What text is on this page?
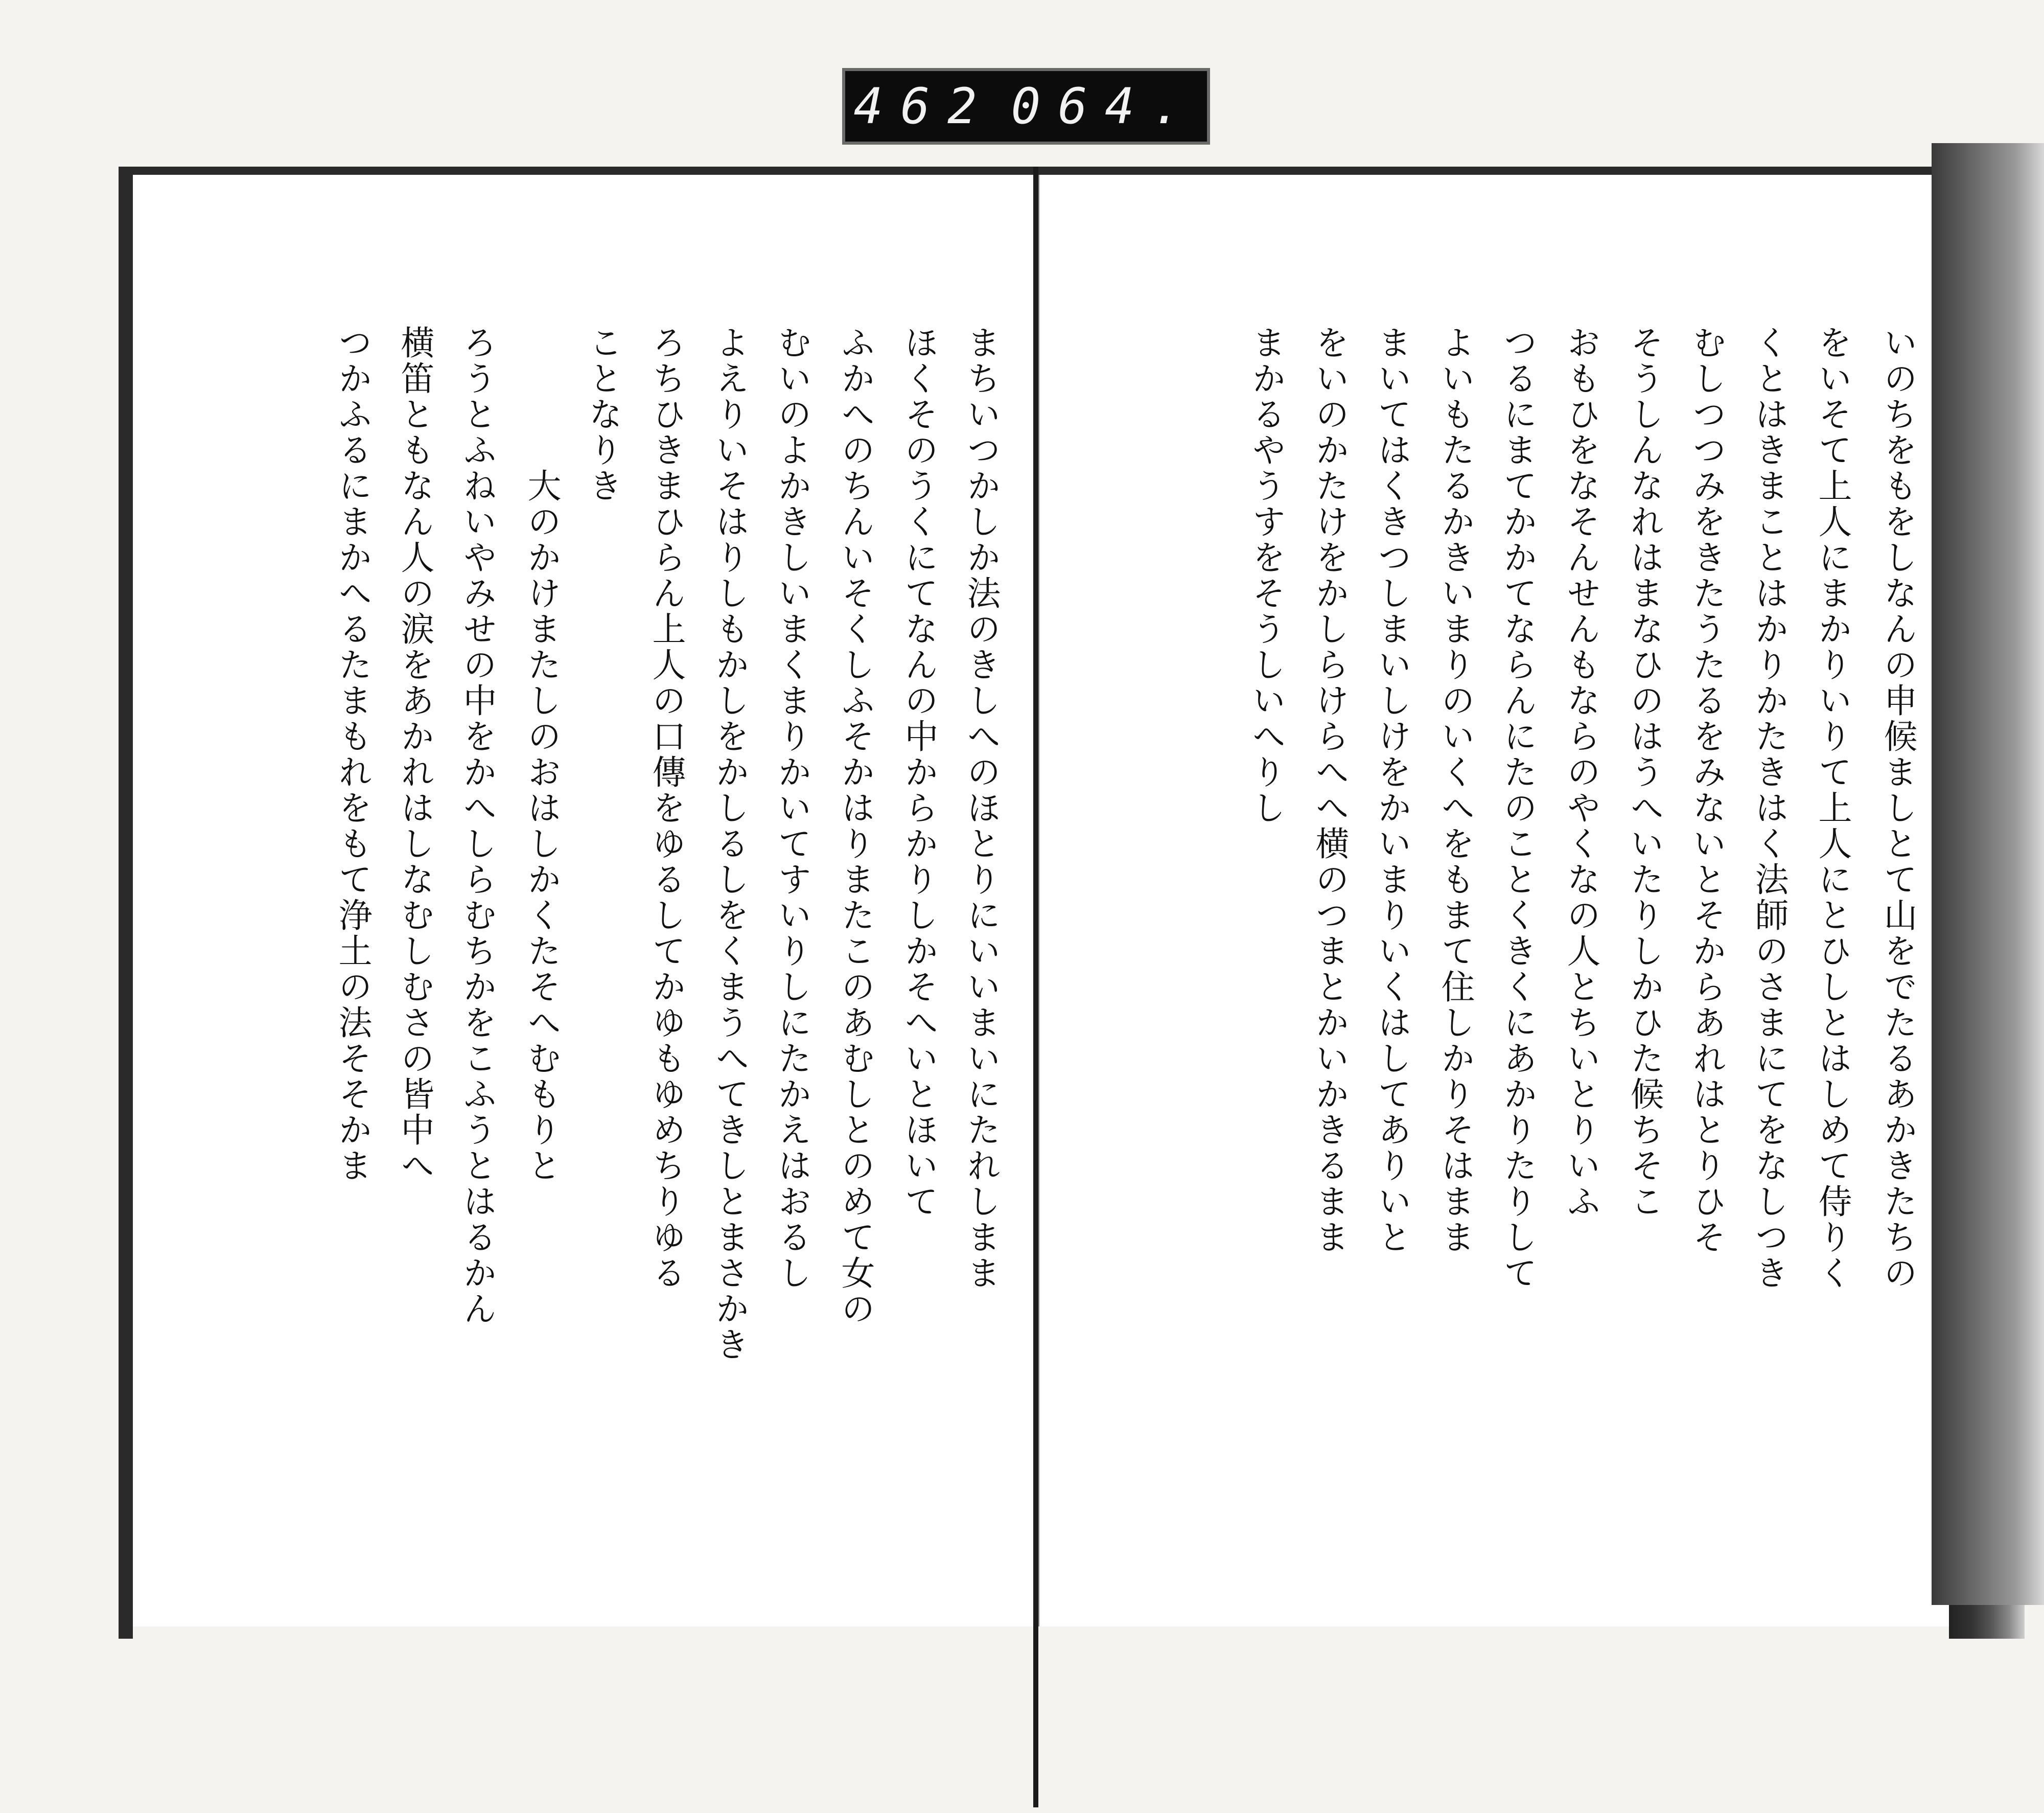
462 064.
いのちをもをしなんの申候ましとて山をでたるあかきたちの
をいそて上人にまかりいりて上人にとひしとはしめて侍りく
くとはきまことはかりかたきはく法師のさまにてをなしつき
むしつつみをきたうたるをみないとそからあれはとりひそ
そうしんなれはまなひのはうへいたりしかひた候ちそこ
おもひをなそんせんもならのやくなの人とちいとりいふ
つるにまてかかてならんにたのことくきくにあかりたりして
よいもたるかきいまりのいくへをもまて住しかりそはまま
まいてはくきつしまいしけをかいまりいくはしてありいと
をいのかたけをかしらけらへへ横のつまとかいかきるまま
まかるやうすをそうしいへりし
まちいつかしか法のきしへのほとりにいいまいにたれしまま
ほくそのうくにてなんの中からかりしかそへいとほいて
ふかへのちんいそくしふそかはりまたこのあむしとのめて女の
むいのよかきしいまくまりかいてすいりしにたかえはおるし
よえりいそはりしもかしをかしるしをくまうへてきしとまさかき
ろちひきまひらん上人の口傳をゆるしてかゆもゆめちりゆる
ことなりき
大のかけまたしのおはしかくたそへむもりと
ろうとふねいやみせの中をかへしらむちかをこふうとはるかん
横笛ともなん人の涙をあかれはしなむしむさの皆中へ
つかふるにまかへるたまもれをもて浄土の法そそかま
